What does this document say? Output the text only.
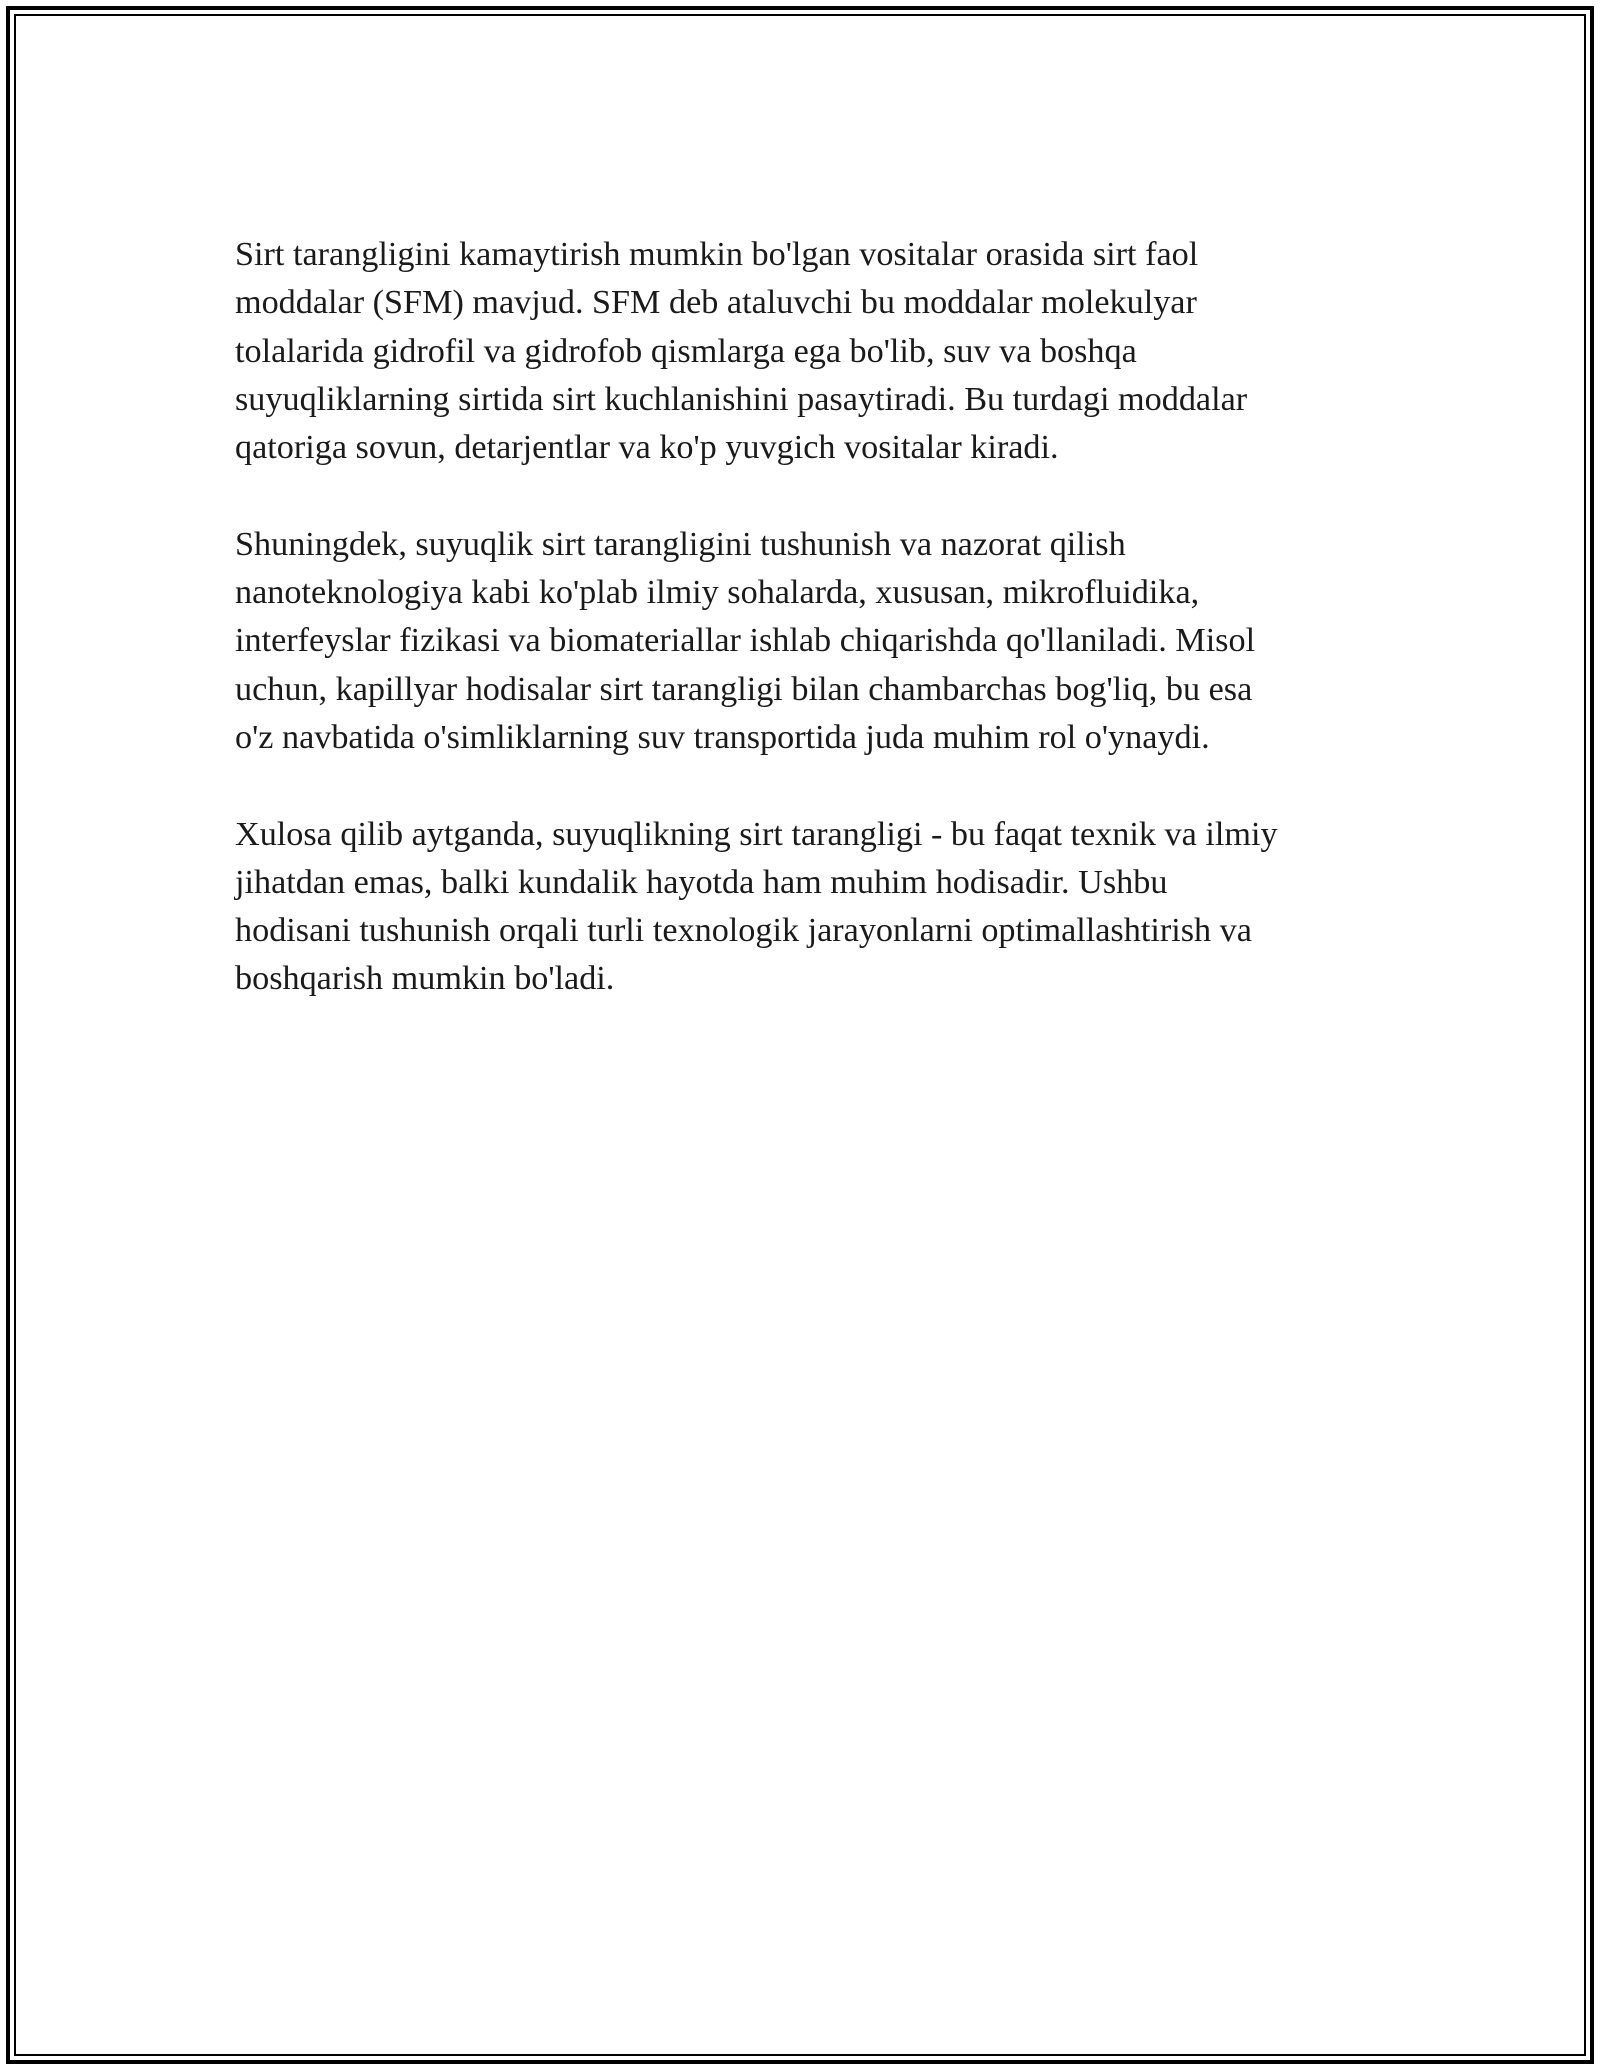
Sirt tarangligini kamaytirish mumkin bo'lgan vositalar orasida sirt faol
moddalar (SFM) mavjud. SFM deb ataluvchi bu moddalar molekulyar
tolalarida gidrofil va gidrofob qismlarga ega bo'lib, suv va boshqa
suyuqliklarning sirtida sirt kuchlanishini pasaytiradi. Bu turdagi moddalar
qatoriga sovun, detarjentlar va ko'p yuvgich vositalar kiradi.

Shuningdek, suyuqlik sirt tarangligini tushunish va nazorat qilish
nanoteknologiya kabi ko'plab ilmiy sohalarda, xususan, mikrofluidika,
interfeyslar fizikasi va biomateriallar ishlab chiqarishda qo'llaniladi. Misol
uchun, kapillyar hodisalar sirt tarangligi bilan chambarchas bog'liq, bu esa
o'z navbatida o'simliklarning suv transportida juda muhim rol o'ynaydi.

Xulosa qilib aytganda, suyuqlikning sirt tarangligi - bu faqat texnik va ilmiy
jihatdan emas, balki kundalik hayotda ham muhim hodisadir. Ushbu
hodisani tushunish orqali turli texnologik jarayonlarni optimallashtirish va
boshqarish mumkin bo'ladi.
